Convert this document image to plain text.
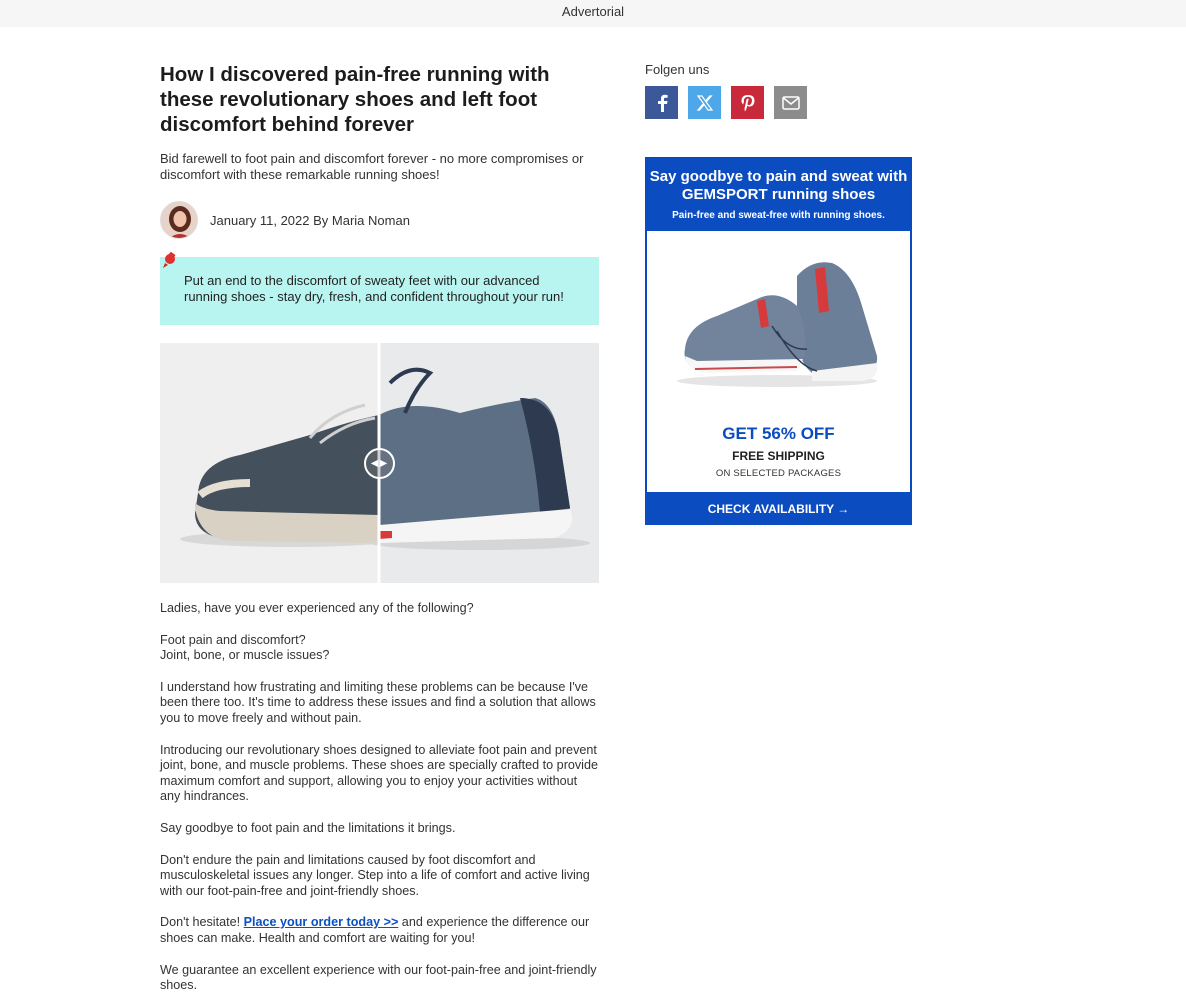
Advertorial
How I discovered pain-free running with these revolutionary shoes and left foot discomfort behind forever

Bid farewell to foot pain and discomfort forever - no more compromises or discomfort with these remarkable running shoes!

January 11, 2022 By Maria Noman
Put an end to the discomfort of sweaty feet with our advanced running shoes - stay dry, fresh, and confident throughout your run!
◀▶

Ladies, have you ever experienced any of the following?

Foot pain and discomfort?
Joint, bone, or muscle issues?

I understand how frustrating and limiting these problems can be because I've been there too. It's time to address these issues and find a solution that allows you to move freely and without pain.

Introducing our revolutionary shoes designed to alleviate foot pain and prevent joint, bone, and muscle problems. These shoes are specially crafted to provide maximum comfort and support, allowing you to enjoy your activities without any hindrances.

Say goodbye to foot pain and the limitations it brings.

Don't endure the pain and limitations caused by foot discomfort and musculoskeletal issues any longer. Step into a life of comfort and active living with our foot-pain-free and joint-friendly shoes.

Don't hesitate! Place your order today >> and experience the difference our shoes can make. Health and comfort are waiting for you!

We guarantee an excellent experience with our foot-pain-free and joint-friendly shoes.

Folgen uns
Say goodbye to pain and sweat with GEMSPORT running shoes
Pain-free and sweat-free with running shoes.
GET 56% OFF
FREE SHIPPING
ON SELECTED PACKAGES
CHECK AVAILABILITY →
